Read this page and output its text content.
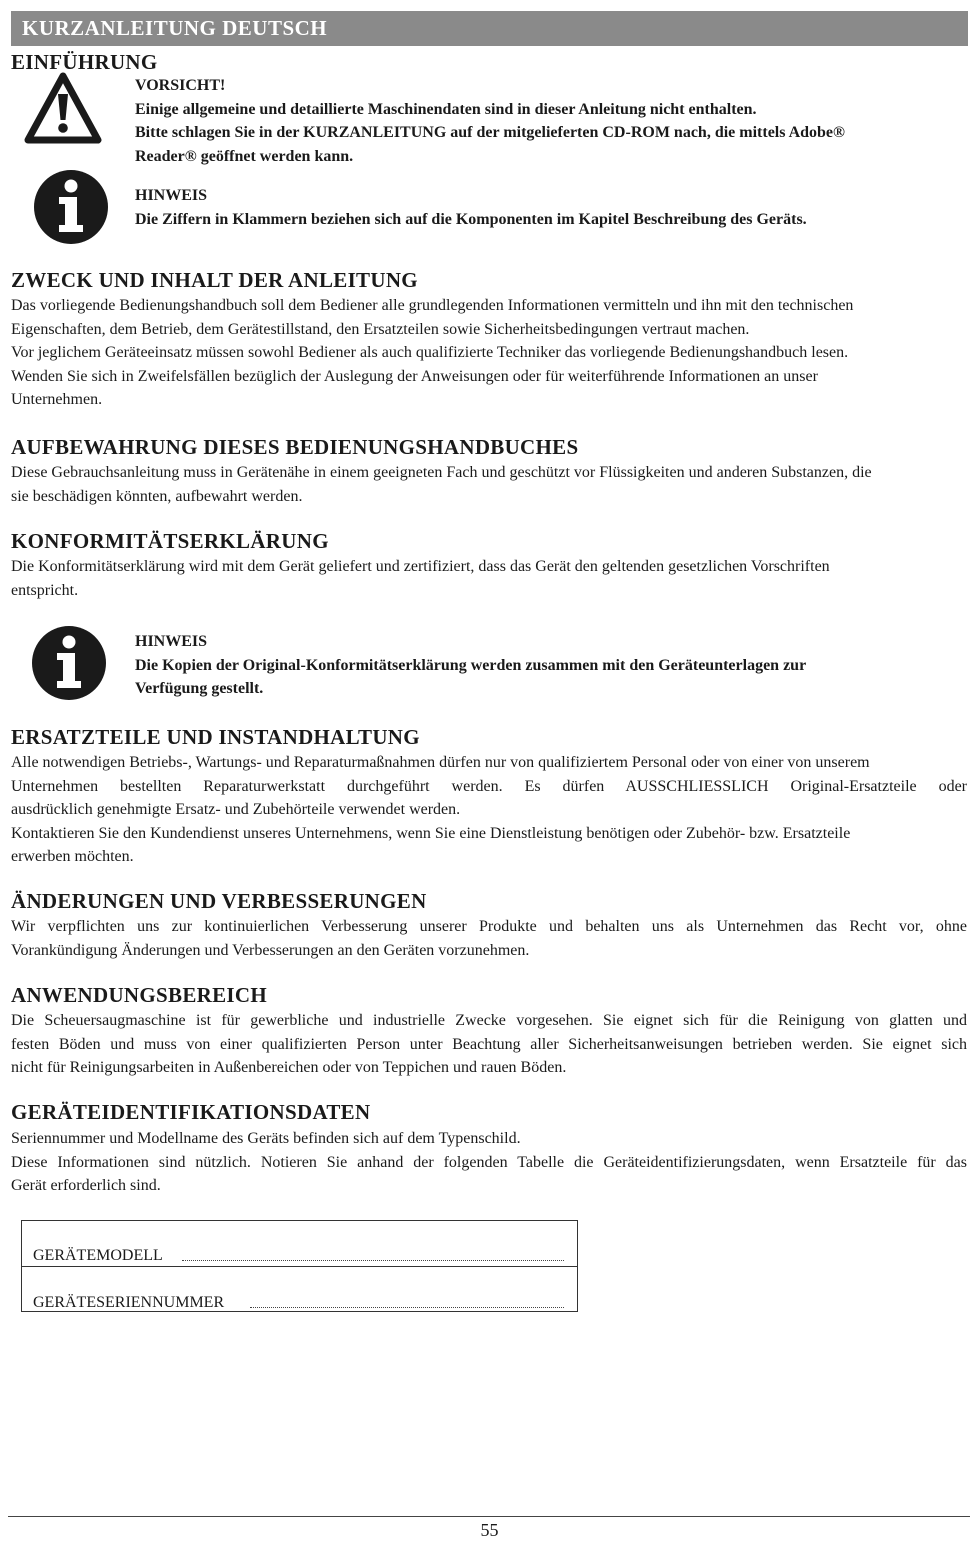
KURZANLEITUNG DEUTSCH
EINFÜHRUNG
VORSICHT!
Einige allgemeine und detaillierte Maschinendaten sind in dieser Anleitung nicht enthalten.
Bitte schlagen Sie in der KURZANLEITUNG auf der mitgelieferten CD-ROM nach, die mittels Adobe®
Reader® geöffnet werden kann.
HINWEIS
Die Ziffern in Klammern beziehen sich auf die Komponenten im Kapitel Beschreibung des Geräts.
ZWECK UND INHALT DER ANLEITUNG
Das vorliegende Bedienungshandbuch soll dem Bediener alle grundlegenden Informationen vermitteln und ihn mit den technischen
Eigenschaften, dem Betrieb, dem Gerätestillstand, den Ersatzteilen sowie Sicherheitsbedingungen vertraut machen.
Vor jeglichem Geräteeinsatz müssen sowohl Bediener als auch qualifizierte Techniker das vorliegende Bedienungshandbuch lesen.
Wenden Sie sich in Zweifelsfällen bezüglich der Auslegung der Anweisungen oder für weiterführende Informationen an unser
Unternehmen.
AUFBEWAHRUNG DIESES BEDIENUNGSHANDBUCHES
Diese Gebrauchsanleitung muss in Gerätenähe in einem geeigneten Fach und geschützt vor Flüssigkeiten und anderen Substanzen, die
sie beschädigen könnten, aufbewahrt werden.
KONFORMITÄTSERKLÄRUNG
Die Konformitätserklärung wird mit dem Gerät geliefert und zertifiziert, dass das Gerät den geltenden gesetzlichen Vorschriften
entspricht.
HINWEIS
Die Kopien der Original-Konformitätserklärung werden zusammen mit den Geräteunterlagen zur
Verfügung gestellt.
ERSATZTEILE UND INSTANDHALTUNG
Alle notwendigen Betriebs-, Wartungs- und Reparaturmaßnahmen dürfen nur von qualifiziertem Personal oder von einer von unserem
Unternehmen bestellten Reparaturwerkstatt durchgeführt werden. Es dürfen AUSSCHLIESSLICH Original-Ersatzteile oder
ausdrücklich genehmigte Ersatz- und Zubehörteile verwendet werden.
Kontaktieren Sie den Kundendienst unseres Unternehmens, wenn Sie eine Dienstleistung benötigen oder Zubehör- bzw. Ersatzteile
erwerben möchten.
ÄNDERUNGEN UND VERBESSERUNGEN
Wir verpflichten uns zur kontinuierlichen Verbesserung unserer Produkte und behalten uns als Unternehmen das Recht vor, ohne
Vorankündigung Änderungen und Verbesserungen an den Geräten vorzunehmen.
ANWENDUNGSBEREICH
Die Scheuersaugmaschine ist für gewerbliche und industrielle Zwecke vorgesehen. Sie eignet sich für die Reinigung von glatten und
festen Böden und muss von einer qualifizierten Person unter Beachtung aller Sicherheitsanweisungen betrieben werden. Sie eignet sich
nicht für Reinigungsarbeiten in Außenbereichen oder von Teppichen und rauen Böden.
GERÄTEIDENTIFIKATIONSDATEN
Seriennummer und Modellname des Geräts befinden sich auf dem Typenschild.
Diese Informationen sind nützlich. Notieren Sie anhand der folgenden Tabelle die Geräteidentifizierungsdaten, wenn Ersatzteile für das
Gerät erforderlich sind.
GERÄTEMODELL
GERÄTESERIENNUMMER
55
